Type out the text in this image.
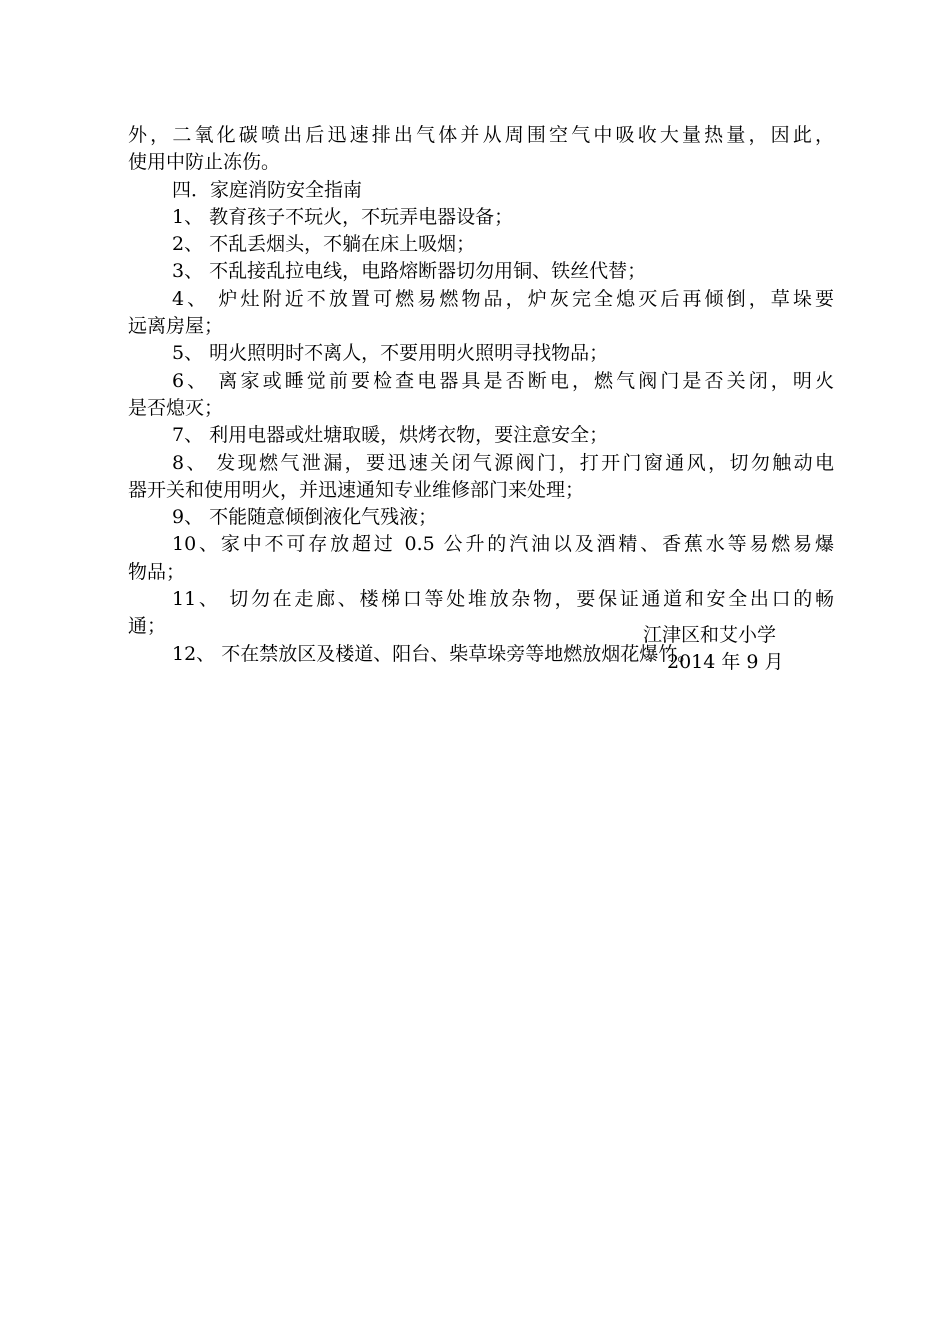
外，二氧化碳喷出后迅速排出气体并从周围空气中吸收大量热量，因此，
使用中防止冻伤。
四．家庭消防安全指南
1、 教育孩子不玩火，不玩弄电器设备；
2、 不乱丢烟头，不躺在床上吸烟；
3、 不乱接乱拉电线，电路熔断器切勿用铜、铁丝代替；
4、 炉灶附近不放置可燃易燃物品，炉灰完全熄灭后再倾倒，草垛要
远离房屋；
5、 明火照明时不离人，不要用明火照明寻找物品；
6、 离家或睡觉前要检查电器具是否断电，燃气阀门是否关闭，明火
是否熄灭；
7、 利用电器或灶塘取暖，烘烤衣物，要注意安全；
8、 发现燃气泄漏，要迅速关闭气源阀门，打开门窗通风，切勿触动电
器开关和使用明火，并迅速通知专业维修部门来处理；
9、 不能随意倾倒液化气残液；
10、家中不可存放超过 0.5 公升的汽油以及酒精、香蕉水等易燃易爆
物品；
11、 切勿在走廊、楼梯口等处堆放杂物，要保证通道和安全出口的畅
通；
12、 不在禁放区及楼道、阳台、柴草垛旁等地燃放烟花爆竹。
江津区和艾小学
2014 年 9 月
